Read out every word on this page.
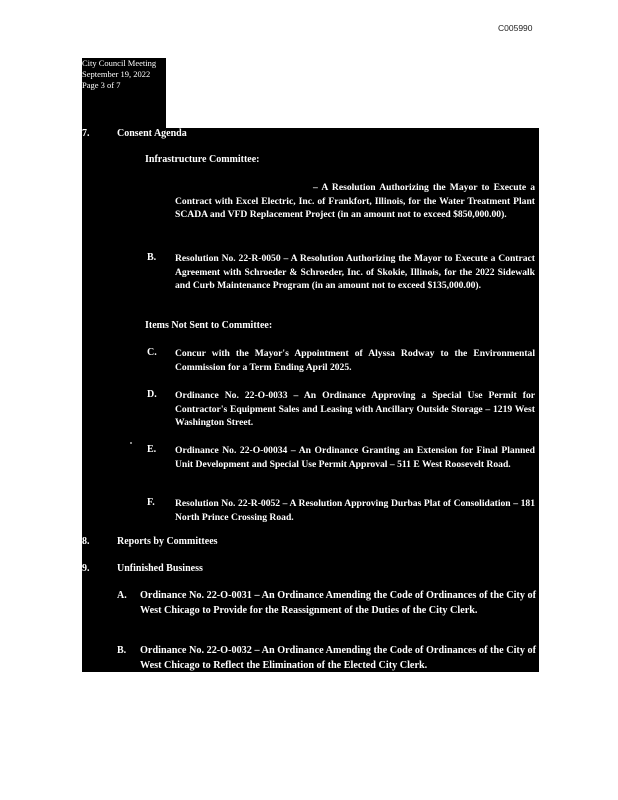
C005990
City Council Meeting
September 19, 2022
Page 3 of 7
7.	Consent Agenda
Infrastructure Committee:
– A Resolution Authorizing the Mayor to Execute a Contract with Excel Electric, Inc. of Frankfort, Illinois, for the Water Treatment Plant SCADA and VFD Replacement Project (in an amount not to exceed $850,000.00).
B. Resolution No. 22-R-0050 – A Resolution Authorizing the Mayor to Execute a Contract Agreement with Schroeder & Schroeder, Inc. of Skokie, Illinois, for the 2022 Sidewalk and Curb Maintenance Program (in an amount not to exceed $135,000.00).
Items Not Sent to Committee:
C. Concur with the Mayor's Appointment of Alyssa Rodway to the Environmental Commission for a Term Ending April 2025.
D. Ordinance No. 22-O-0033 – An Ordinance Approving a Special Use Permit for Contractor's Equipment Sales and Leasing with Ancillary Outside Storage – 1219 West Washington Street.
E. Ordinance No. 22-O-00034 – An Ordinance Granting an Extension for Final Planned Unit Development and Special Use Permit Approval – 511 E West Roosevelt Road.
F. Resolution No. 22-R-0052 – A Resolution Approving Durbas Plat of Consolidation – 181 North Prince Crossing Road.
8.	Reports by Committees
9.	Unfinished Business
A. Ordinance No. 22-O-0031 – An Ordinance Amending the Code of Ordinances of the City of West Chicago to Provide for the Reassignment of the Duties of the City Clerk.
B. Ordinance No. 22-O-0032 – An Ordinance Amending the Code of Ordinances of the City of West Chicago to Reflect the Elimination of the Elected City Clerk.
